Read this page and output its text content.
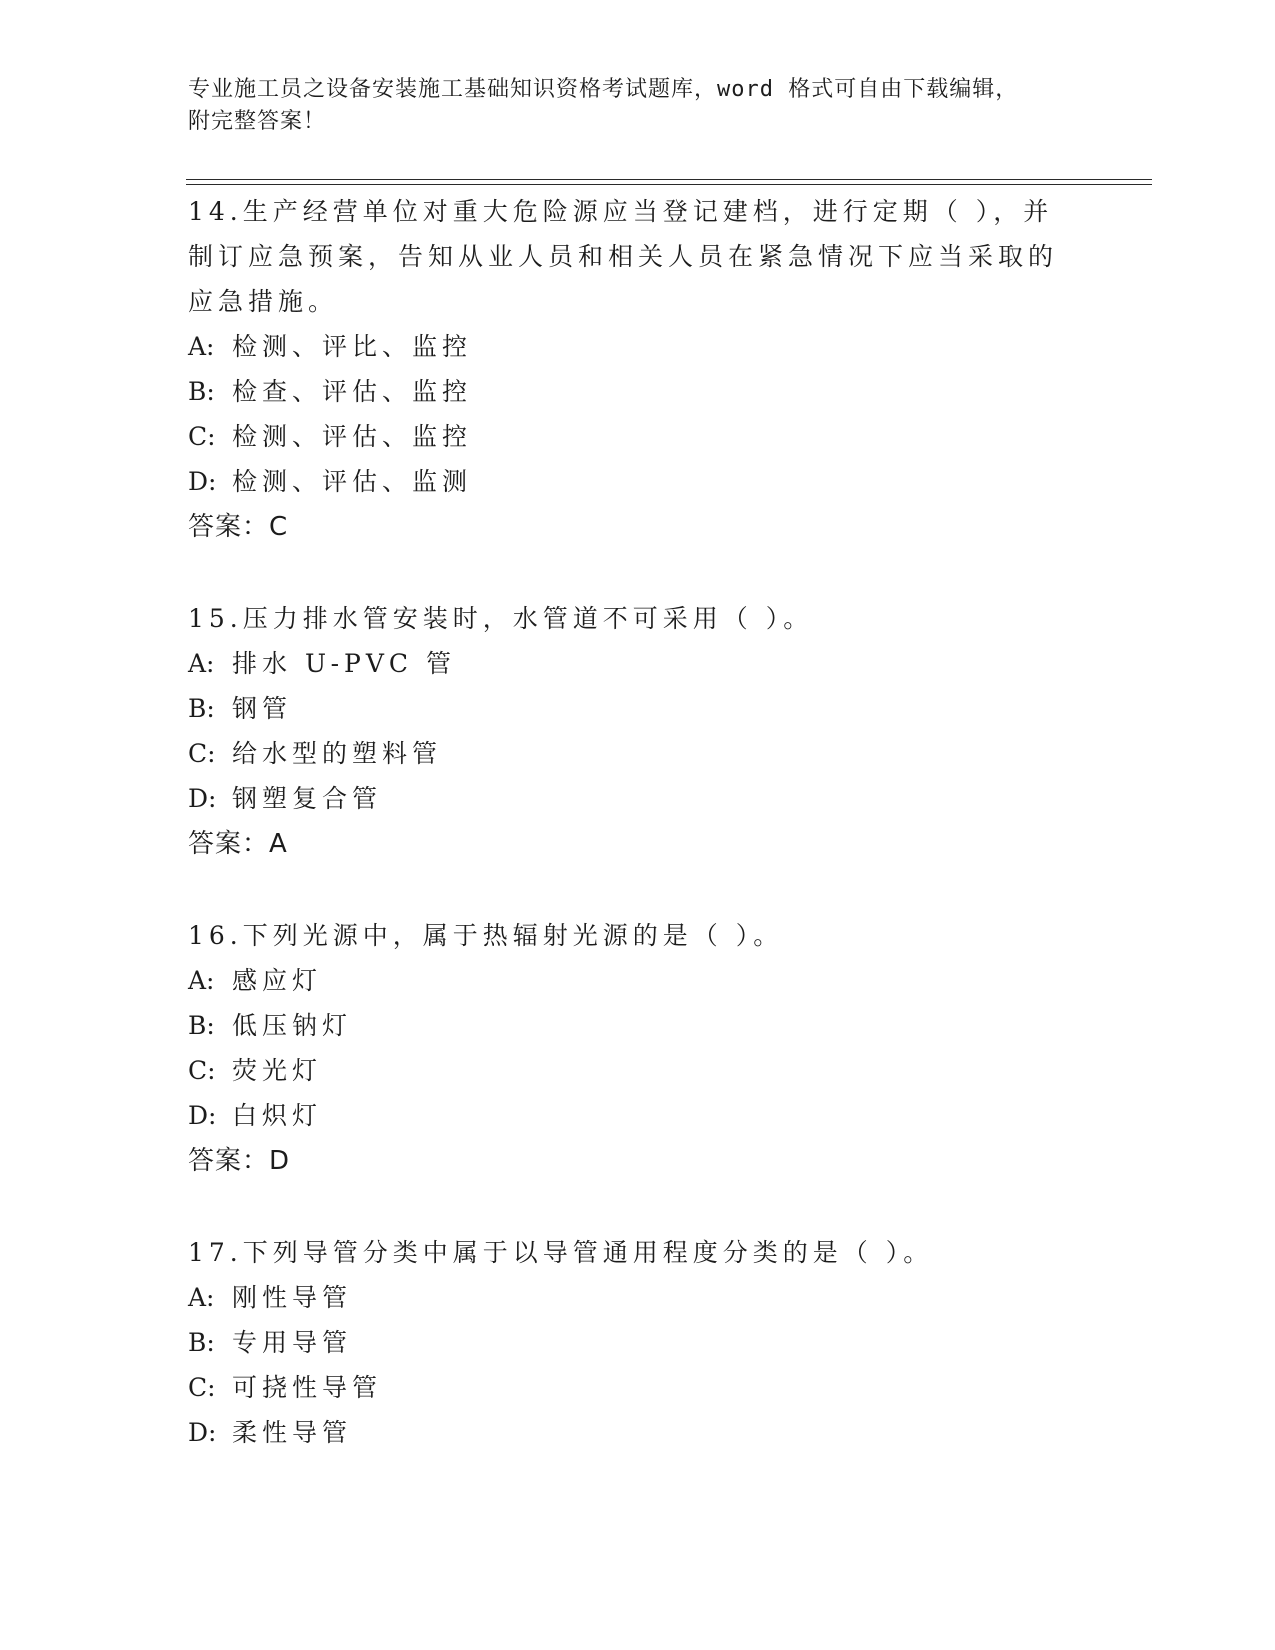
专业施工员之设备安装施工基础知识资格考试题库，word 格式可自由下载编辑，

附完整答案！

14.生产经营单位对重大危险源应当登记建档，进行定期（ ），并制订应急预案，告知从业人员和相关人员在紧急情况下应当采取的应急措施。

A: 检测、评比、监控

B: 检查、评估、监控

C: 检测、评估、监控

D: 检测、评估、监测

答案：C

15.压力排水管安装时，水管道不可采用（ ）。

A: 排水 U-PVC 管

B: 钢管

C: 给水型的塑料管

D: 钢塑复合管

答案：A

16.下列光源中，属于热辐射光源的是（ ）。

A: 感应灯

B: 低压钠灯

C: 荧光灯

D: 白炽灯

答案：D

17.下列导管分类中属于以导管通用程度分类的是（ ）。

A: 刚性导管

B: 专用导管

C: 可挠性导管

D: 柔性导管
